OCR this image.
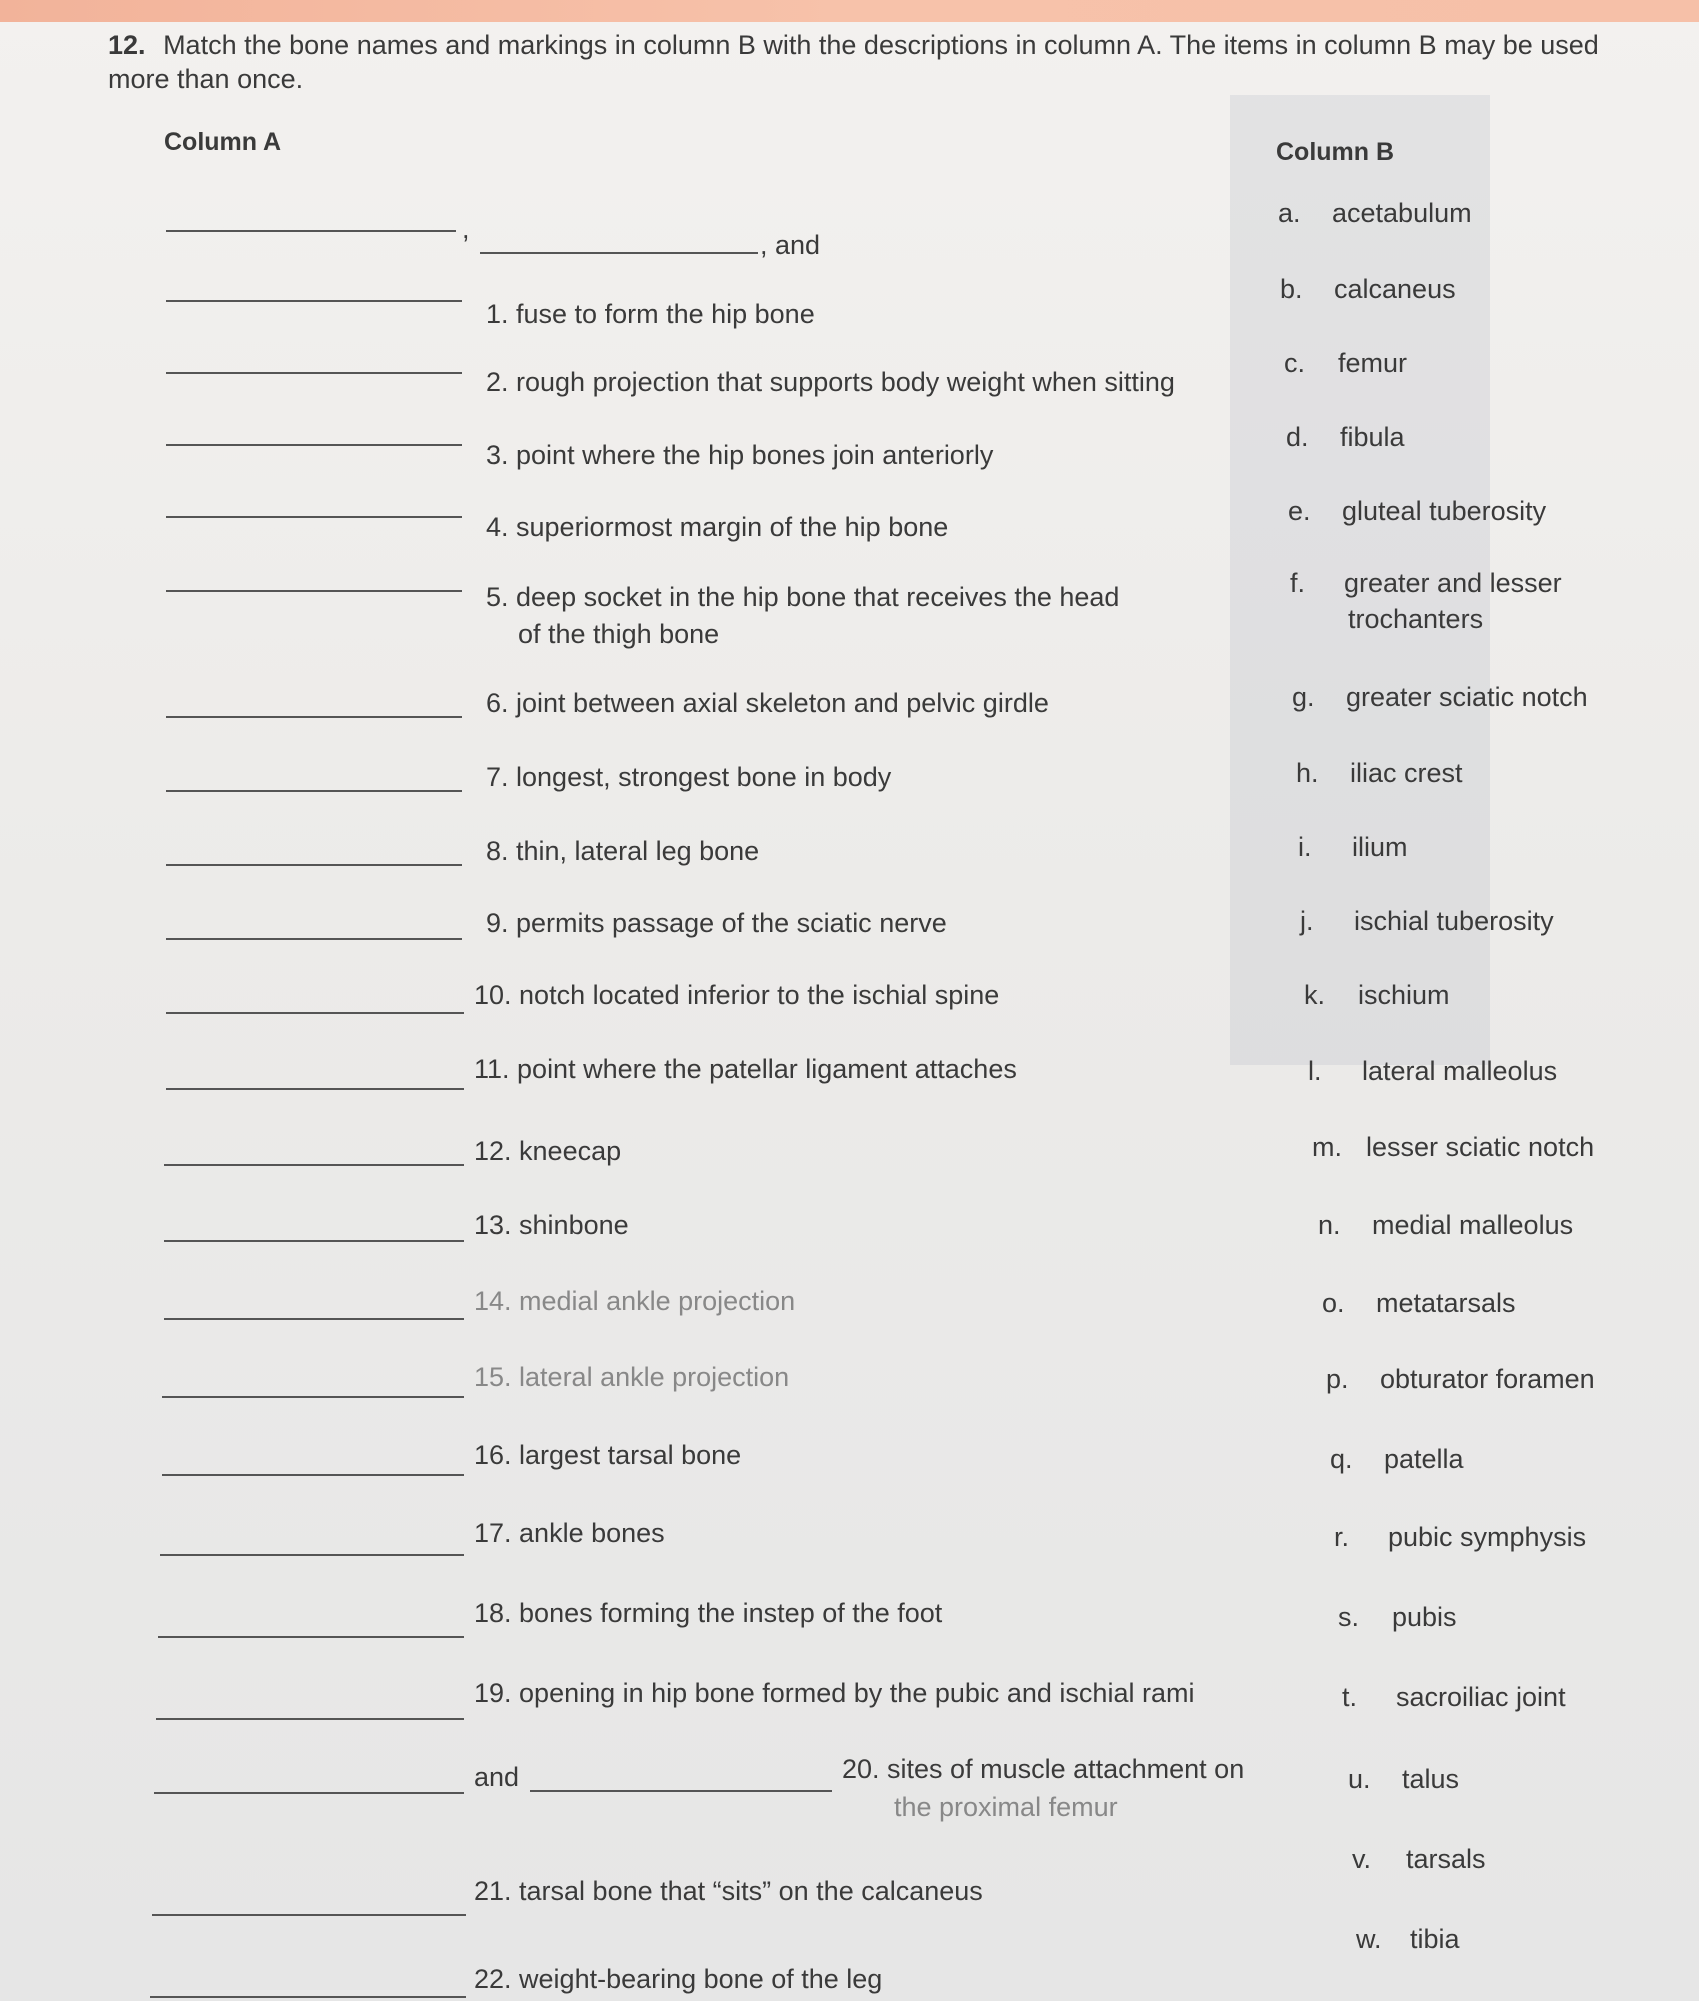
12. Match the bone names and markings in column B with the descriptions in column A. The items in column B may be used more than once.
Column A	Column B
,
, and
1. fuse to form the hip bone
2. rough projection that supports body weight when sitting
3. point where the hip bones join anteriorly
4. superiormost margin of the hip bone
5. deep socket in the hip bone that receives the head
of the thigh bone
6. joint between axial skeleton and pelvic girdle
7. longest, strongest bone in body
8. thin, lateral leg bone
9. permits passage of the sciatic nerve
10. notch located inferior to the ischial spine
11. point where the patellar ligament attaches
12. kneecap
13. shinbone
14. medial ankle projection
15. lateral ankle projection
16. largest tarsal bone
17. ankle bones
18. bones forming the instep of the foot
19. opening in hip bone formed by the pubic and ischial rami
and	20. sites of muscle attachment on
the proximal femur
21. tarsal bone that “sits” on the calcaneus
22. weight-bearing bone of the leg
a. acetabulum
b. calcaneus
c. femur
d. fibula
e. gluteal tuberosity
f. greater and lesser
trochanters
g. greater sciatic notch
h. iliac crest
i. ilium
j. ischial tuberosity
k. ischium
l. lateral malleolus
m. lesser sciatic notch
n. medial malleolus
o. metatarsals
p. obturator foramen
q. patella
r. pubic symphysis
s. pubis
t. sacroiliac joint
u. talus
v. tarsals
w. tibia
